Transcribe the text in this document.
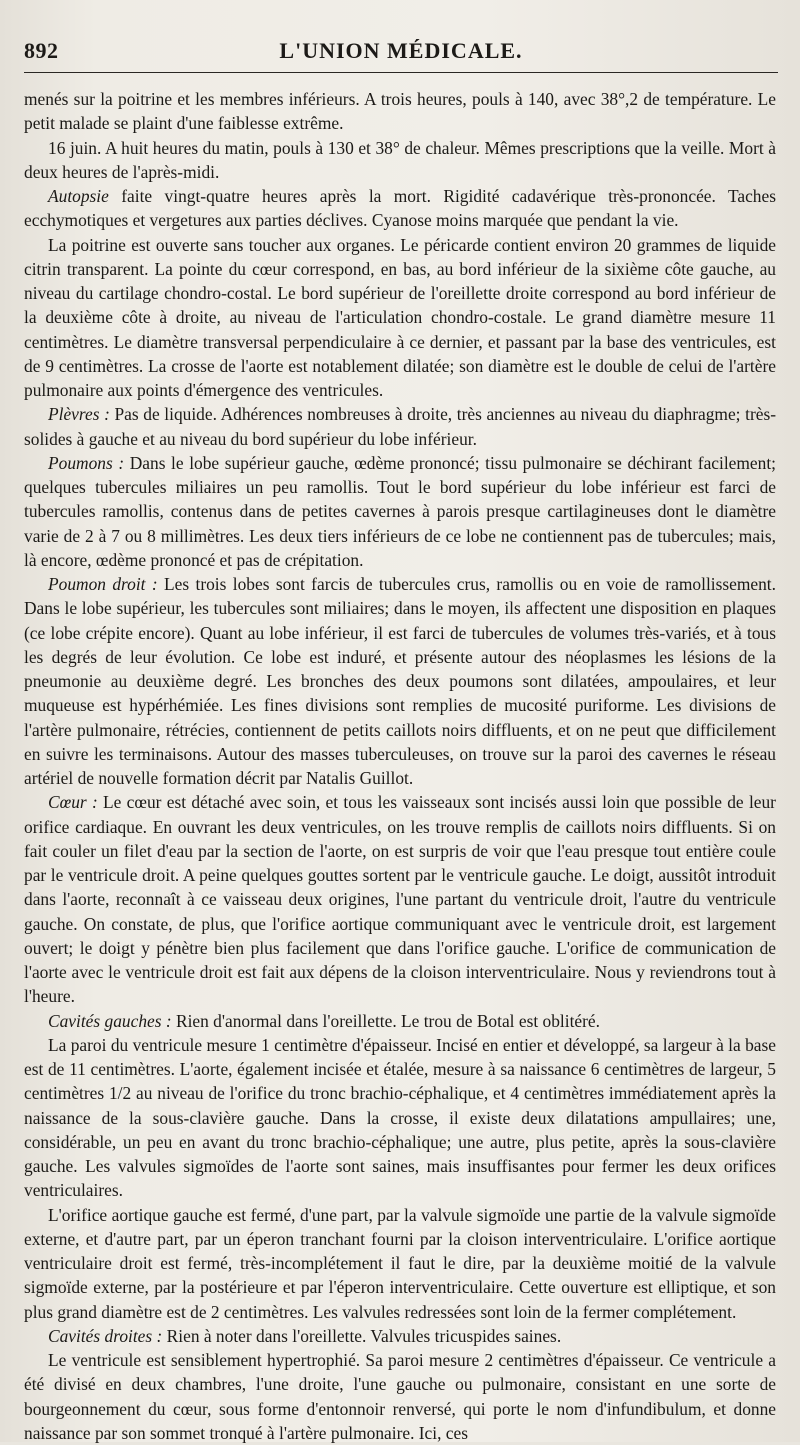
892	L'UNION MÉDICALE.

menés sur la poitrine et les membres inférieurs. A trois heures, pouls à 140, avec 38°,2 de température. Le petit malade se plaint d'une faiblesse extrême.

16 juin. A huit heures du matin, pouls à 130 et 38° de chaleur. Mêmes prescriptions que la veille. Mort à deux heures de l'après-midi.

Autopsie faite vingt-quatre heures après la mort. Rigidité cadavérique très-prononcée. Taches ecchymotiques et vergetures aux parties déclives. Cyanose moins marquée que pendant la vie.

La poitrine est ouverte sans toucher aux organes. Le péricarde contient environ 20 grammes de liquide citrin transparent. La pointe du cœur correspond, en bas, au bord inférieur de la sixième côte gauche, au niveau du cartilage chondro-costal. Le bord supérieur de l'oreillette droite correspond au bord inférieur de la deuxième côte à droite, au niveau de l'articulation chondro-costale. Le grand diamètre mesure 11 centimètres. Le diamètre transversal perpendiculaire à ce dernier, et passant par la base des ventricules, est de 9 centimètres. La crosse de l'aorte est notablement dilatée; son diamètre est le double de celui de l'artère pulmonaire aux points d'émergence des ventricules.

Plèvres : Pas de liquide. Adhérences nombreuses à droite, très anciennes au niveau du diaphragme; très-solides à gauche et au niveau du bord supérieur du lobe inférieur.

Poumons : Dans le lobe supérieur gauche, œdème prononcé; tissu pulmonaire se déchirant facilement; quelques tubercules miliaires un peu ramollis. Tout le bord supérieur du lobe inférieur est farci de tubercules ramollis, contenus dans de petites cavernes à parois presque cartilagineuses dont le diamètre varie de 2 à 7 ou 8 millimètres. Les deux tiers inférieurs de ce lobe ne contiennent pas de tubercules; mais, là encore, œdème prononcé et pas de crépitation.

Poumon droit : Les trois lobes sont farcis de tubercules crus, ramollis ou en voie de ramollissement. Dans le lobe supérieur, les tubercules sont miliaires; dans le moyen, ils affectent une disposition en plaques (ce lobe crépite encore). Quant au lobe inférieur, il est farci de tubercules de volumes très-variés, et à tous les degrés de leur évolution. Ce lobe est induré, et présente autour des néoplasmes les lésions de la pneumonie au deuxième degré. Les bronches des deux poumons sont dilatées, ampoulaires, et leur muqueuse est hypérhémiée. Les fines divisions sont remplies de mucosité puriforme. Les divisions de l'artère pulmonaire, rétrécies, contiennent de petits caillots noirs diffluents, et on ne peut que difficilement en suivre les terminaisons. Autour des masses tuberculeuses, on trouve sur la paroi des cavernes le réseau artériel de nouvelle formation décrit par Natalis Guillot.

Cœur : Le cœur est détaché avec soin, et tous les vaisseaux sont incisés aussi loin que possible de leur orifice cardiaque. En ouvrant les deux ventricules, on les trouve remplis de caillots noirs diffluents. Si on fait couler un filet d'eau par la section de l'aorte, on est surpris de voir que l'eau presque tout entière coule par le ventricule droit. A peine quelques gouttes sortent par le ventricule gauche. Le doigt, aussitôt introduit dans l'aorte, reconnaît à ce vaisseau deux origines, l'une partant du ventricule droit, l'autre du ventricule gauche. On constate, de plus, que l'orifice aortique communiquant avec le ventricule droit, est largement ouvert; le doigt y pénètre bien plus facilement que dans l'orifice gauche. L'orifice de communication de l'aorte avec le ventricule droit est fait aux dépens de la cloison interventriculaire. Nous y reviendrons tout à l'heure.

Cavités gauches : Rien d'anormal dans l'oreillette. Le trou de Botal est oblitéré.

La paroi du ventricule mesure 1 centimètre d'épaisseur. Incisé en entier et développé, sa largeur à la base est de 11 centimètres. L'aorte, également incisée et étalée, mesure à sa naissance 6 centimètres de largeur, 5 centimètres 1/2 au niveau de l'orifice du tronc brachio-céphalique, et 4 centimètres immédiatement après la naissance de la sous-clavière gauche. Dans la crosse, il existe deux dilatations ampullaires; une, considérable, un peu en avant du tronc brachio-céphalique; une autre, plus petite, après la sous-clavière gauche. Les valvules sigmoïdes de l'aorte sont saines, mais insuffisantes pour fermer les deux orifices ventriculaires.

L'orifice aortique gauche est fermé, d'une part, par la valvule sigmoïde une partie de la valvule sigmoïde externe, et d'autre part, par un éperon tranchant fourni par la cloison interventriculaire. L'orifice aortique ventriculaire droit est fermé, très-incomplétement il faut le dire, par la deuxième moitié de la valvule sigmoïde externe, par la postérieure et par l'éperon interventriculaire. Cette ouverture est elliptique, et son plus grand diamètre est de 2 centimètres. Les valvules redressées sont loin de la fermer complétement.

Cavités droites : Rien à noter dans l'oreillette. Valvules tricuspides saines.

Le ventricule est sensiblement hypertrophié. Sa paroi mesure 2 centimètres d'épaisseur. Ce ventricule a été divisé en deux chambres, l'une droite, l'une gauche ou pulmonaire, consistant en une sorte de bourgeonnement du cœur, sous forme d'entonnoir renversé, qui porte le nom d'infundibulum, et donne naissance par son sommet tronqué à l'artère pulmonaire. Ici, ces
